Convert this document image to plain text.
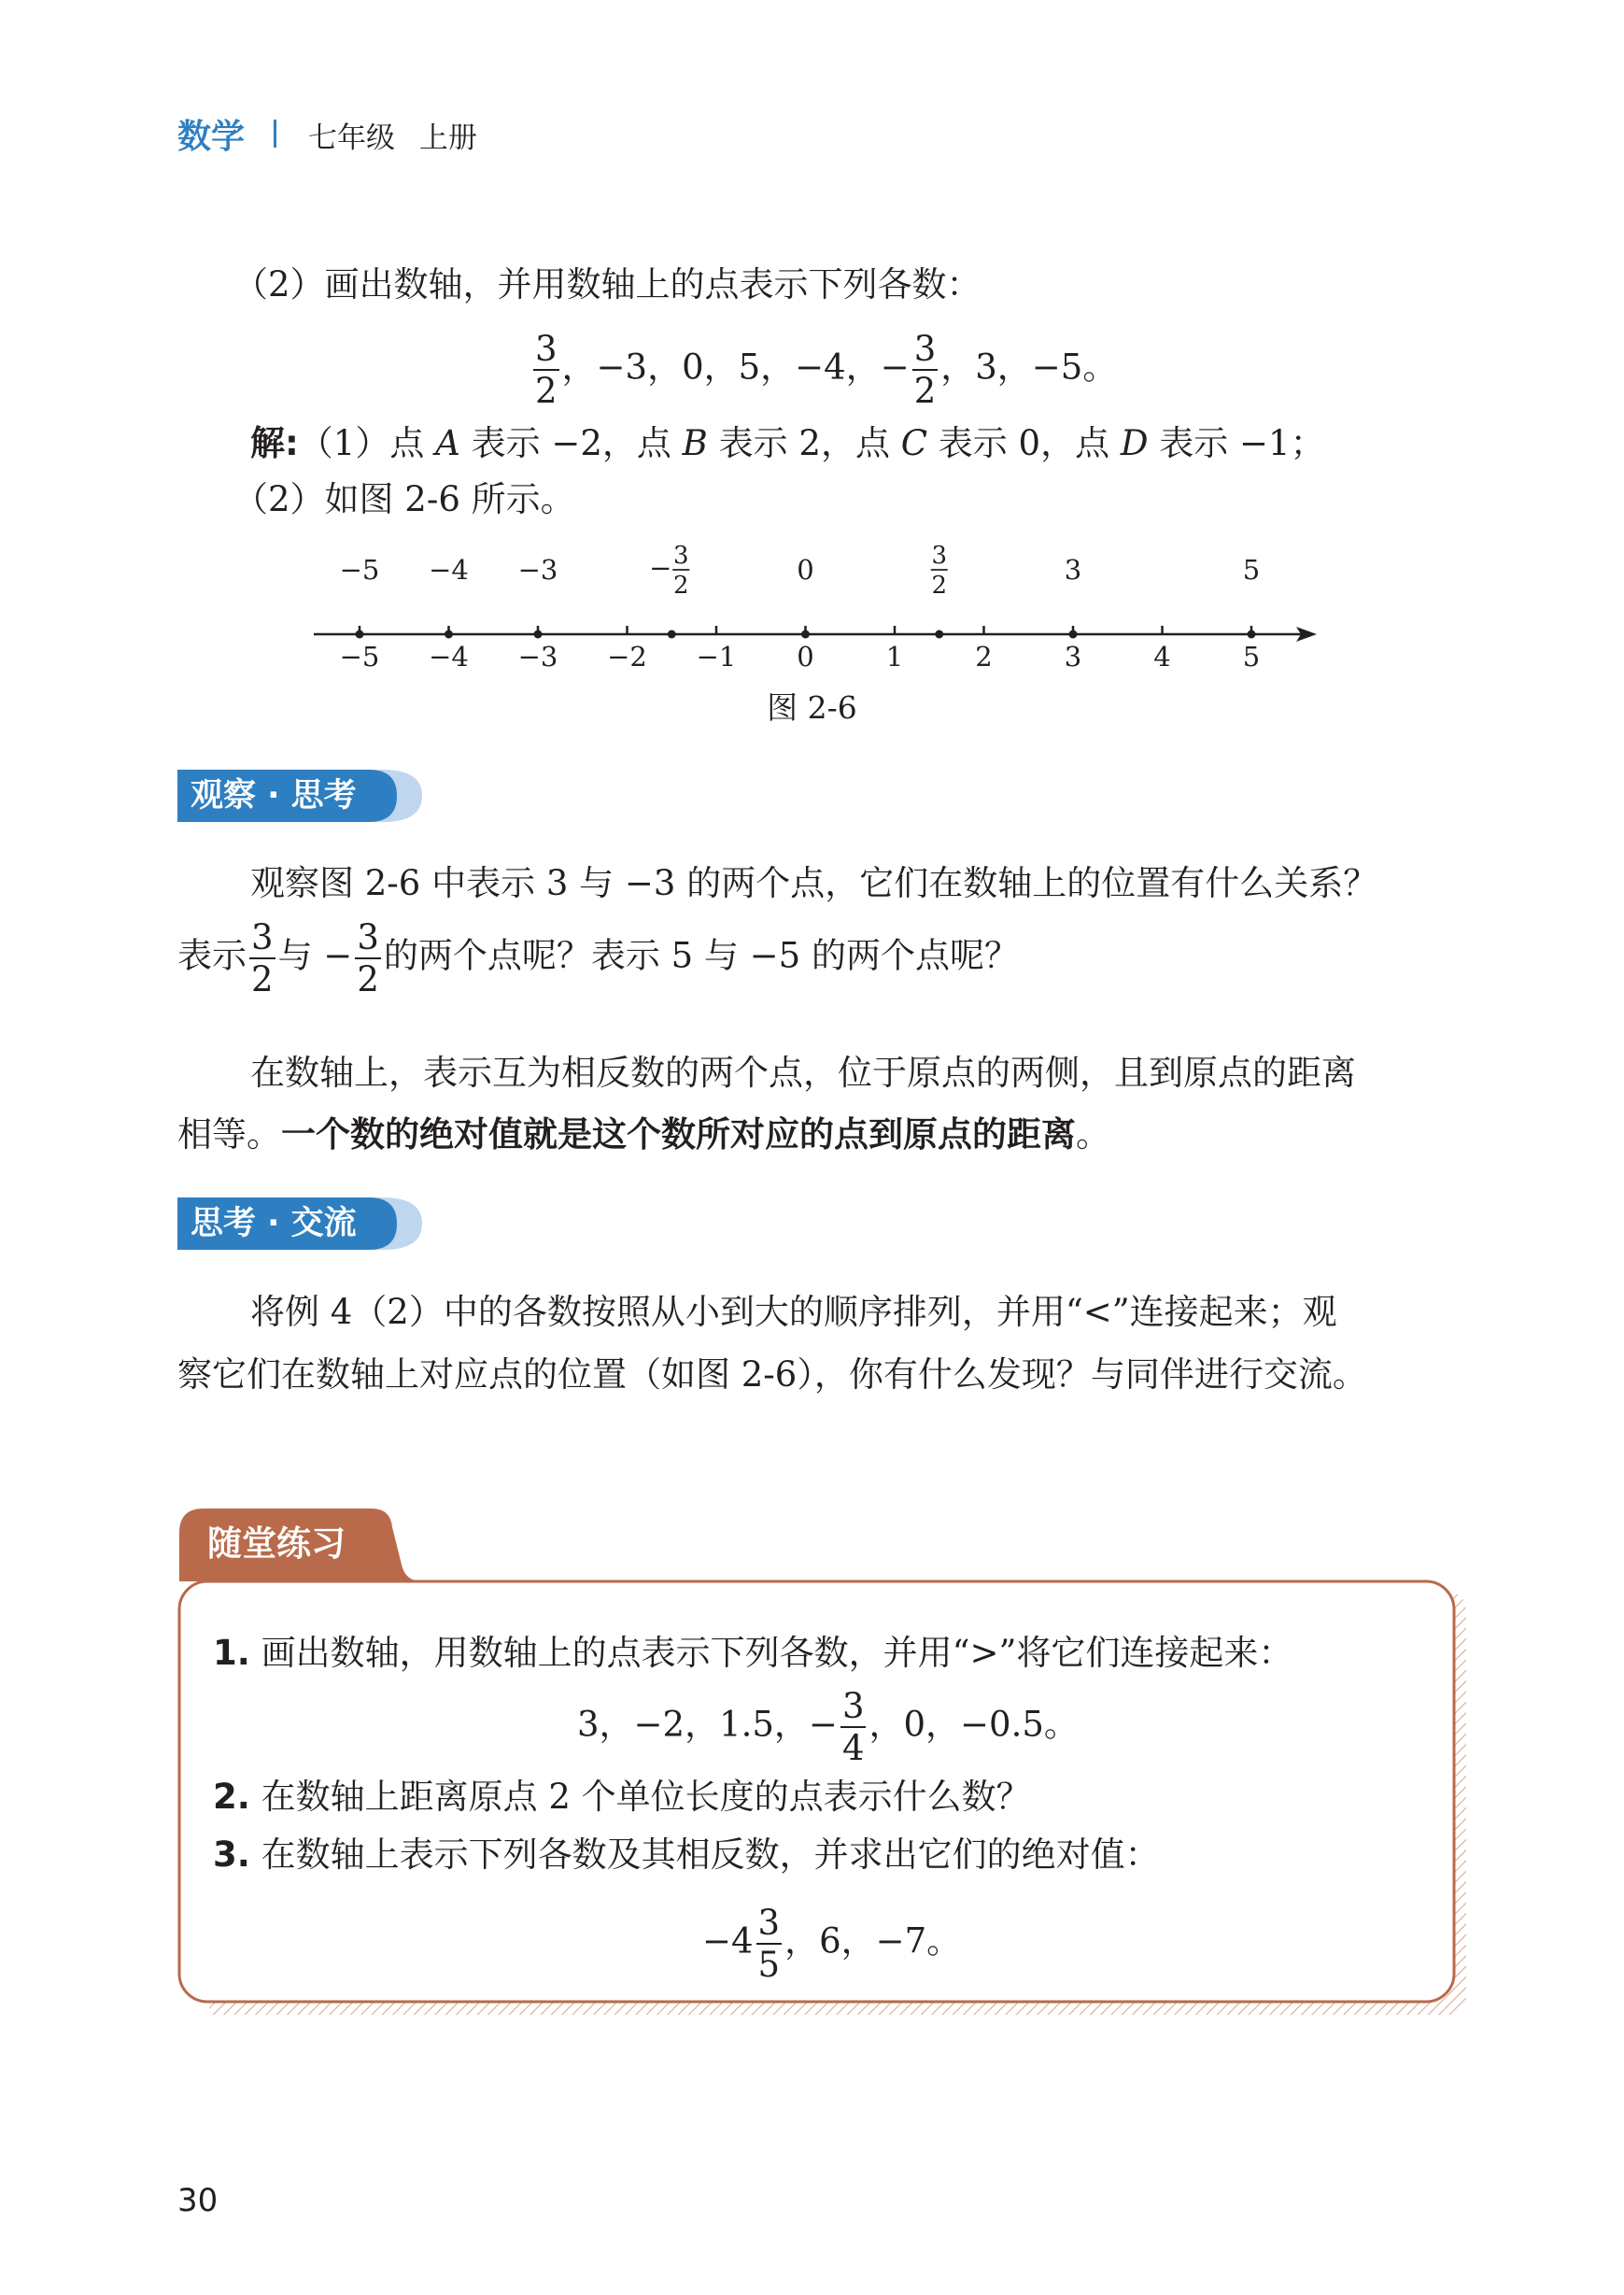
数学 七年级 上册
（2）画出数轴，并用数轴上的点表示下列各数：
$\frac{3}{2}$ ，−3，0，5，−4，− $\frac{3}{2}$ ，3，−5。
解:（1）点 A 表示 −2，点 B 表示 2，点 C 表示 0，点 D 表示 −1；
（2）如图 2-6 所示。
−5 −4 −3	− 3
2	0	3
2	3	5
−5 −4 −3 −2 −1 0	1	2	3	4	5
图 2-6
观察 · 思考
观察图 2-6 中表示 3 与 −3 的两个点，它们在数轴上的位置有什么关系？
表示 $\frac{3}{2}$ 与 − $\frac{3}{2}$ 的两个点呢？表示 5 与 −5 的两个点呢？
在数轴上，表示互为相反数的两个点，位于原点的两侧，且到原点的距离
相等。一个数的绝对值就是这个数所对应的点到原点的距离。
思考 · 交流
将例 4（2）中的各数按照从小到大的顺序排列，并用“<”连接起来；观
察它们在数轴上对应点的位置（如图 2-6），你有什么发现？与同伴进行交流。
随堂练习
1. 画出数轴，用数轴上的点表示下列各数，并用“>”将它们连接起来：
3，−2，1.5，− $\frac{3}{4}$ ，0，−0.5。
2. 在数轴上距离原点 2 个单位长度的点表示什么数？
3. 在数轴上表示下列各数及其相反数，并求出它们的绝对值：
$-4 \frac{3}{5}$ ，6，−7。
30
